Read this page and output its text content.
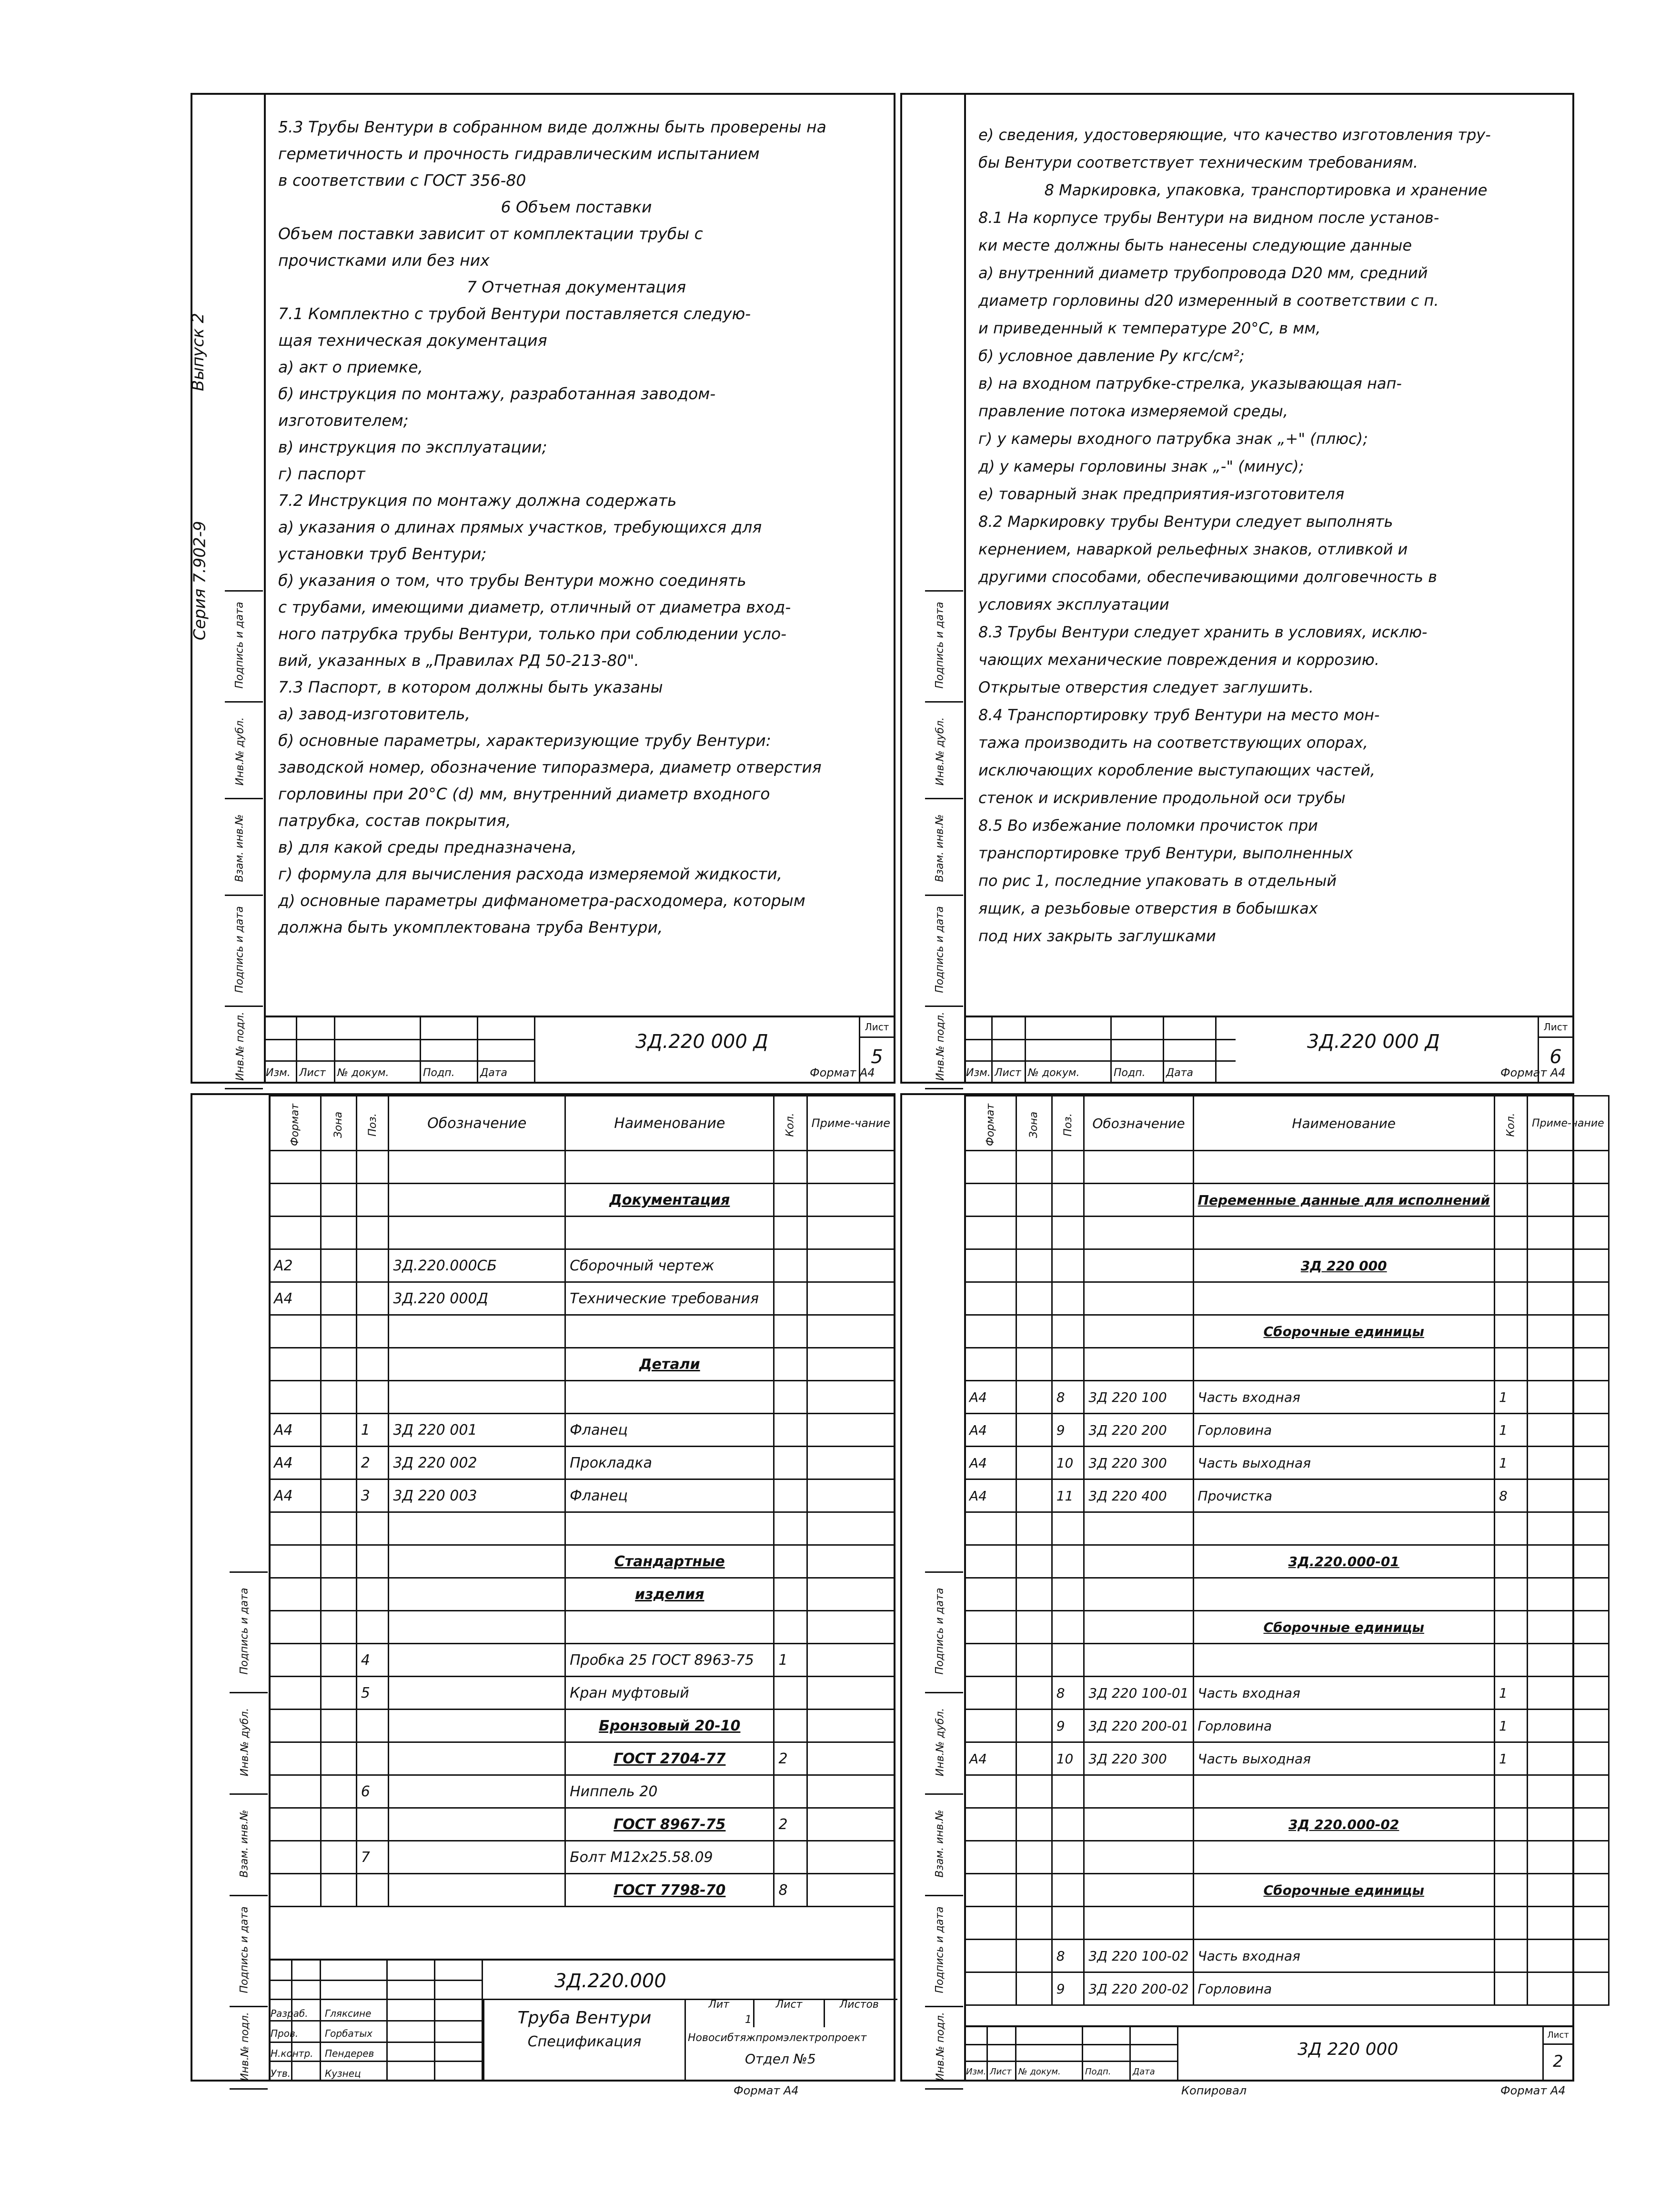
Выпуск 2
Серия 7.902-9
Подпись и дата
Инв.№ дубл.
Взам. инв.№
Подпись и дата
Инв.№ подл.

5.3 Трубы Вентури в собранном виде должны быть проверены на

герметичность и прочность гидравлическим испытанием

в соответствии с ГОСТ 356-80

6 Объем поставки

Объем поставки зависит от комплектации трубы с

прочистками или без них

7 Отчетная документация

7.1 Комплектно с трубой Вентури поставляется следую-

щая техническая документация

а) акт о приемке,

б) инструкция по монтажу, разработанная заводом-

изготовителем;

в) инструкция по эксплуатации;

г) паспорт

7.2 Инструкция по монтажу должна содержать

а) указания о длинах прямых участков, требующихся для

установки труб Вентури;

б) указания о том, что трубы Вентури можно соединять

с трубами, имеющими диаметр, отличный от диаметра вход-

ного патрубка трубы Вентури, только при соблюдении усло-

вий, указанных в „Правилах РД 50-213-80".

7.3 Паспорт, в котором должны быть указаны

а) завод-изготовитель,

б) основные параметры, характеризующие трубу Вентури:

заводской номер, обозначение типоразмера, диаметр отверстия

горловины при 20°С (d) мм, внутренний диаметр входного

патрубка, состав покрытия,

в) для какой среды предназначена,

г) формула для вычисления расхода измеряемой жидкости,

д) основные параметры дифманометра-расходомера, которым

должна быть укомплектована труба Вентури,

Изм. Лист № докум.	Подп. Дата
3Д.220 000 Д
Лист
5
Формат А4
Подпись и дата
Инв.№ дубл.
Взам. инв.№
Подпись и дата
Инв.№ подл.

е) сведения, удостоверяющие, что качество изготовления тру-

бы Вентури соответствует техническим требованиям.

8 Маркировка, упаковка, транспортировка и хранение

8.1 На корпусе трубы Вентури на видном после установ-

ки месте должны быть нанесены следующие данные

а) внутренний диаметр трубопровода D20 мм, средний

диаметр горловины d20 измеренный в соответствии с п.

и приведенный к температуре 20°С, в мм,

б) условное давление Ру кгс/см²;

в) на входном патрубке-стрелка, указывающая нап-

правление потока измеряемой среды,

г) у камеры входного патрубка знак „+" (плюс);

д) у камеры горловины знак „-" (минус);

е) товарный знак предприятия-изготовителя

8.2 Маркировку трубы Вентури следует выполнять

кернением, наваркой рельефных знаков, отливкой и

другими способами, обеспечивающими долговечность в

условиях эксплуатации

8.3 Трубы Вентури следует хранить в условиях, исклю-

чающих механические повреждения и коррозию.

Открытые отверстия следует заглушить.

8.4 Транспортировку труб Вентури на место мон-

тажа производить на соответствующих опорах,

исключающих коробление выступающих частей,

стенок и искривление продольной оси трубы

8.5 Во избежание поломки прочисток при

транспортировке труб Вентури, выполненных

по рис 1, последние упаковать в отдельный

ящик, а резьбовые отверстия в бобышках

под них закрыть заглушками

Изм. Лист № докум.	Подп. Дата
3Д.220 000 Д
Лист
6
Формат А4
Подпись и дата
Инв.№ дубл.
Взам. инв.№
Подпись и дата
Инв.№ подл.
Формат	Зона	Поз.	Обозначение	Наименование	Кол.	Приме-чание

				Документация		

А2			3Д.220.000СБ	Сборочный чертеж		
А4			3Д.220 000Д	Технические требования		

				Детали		

А4		1	3Д 220 001	Фланец		
А4		2	3Д 220 002	Прокладка		
А4		3	3Д 220 003	Фланец		

				Стандартные		
				изделия		

		4		Пробка 25 ГОСТ 8963-75	1	
		5		Кран муфтовый		
				Бронзовый 20-10		
				ГОСТ 2704-77	2	
		6		Ниппель 20		
				ГОСТ 8967-75	2	
		7		Болт М12х25.58.09		
				ГОСТ 7798-70	8	
Разраб.
Пров.
Н.контр.
Утв.
Гляксине
Горбатых
Пендерев
Кузнец
3Д.220.000
Труба Вентури
Спецификация
Лит	Лист	Листов
1
Новосибтяжпромэлектропроект
Отдел №5
Формат А4
Подпись и дата
Инв.№ дубл.
Взам. инв.№
Подпись и дата
Инв.№ подл.
Формат	Зона	Поз.	Обозначение	Наименование	Кол.	Приме-чание

				Переменные данные для исполнений		

				3Д 220 000		

				Сборочные единицы		

А4		8	3Д 220 100	Часть входная	1	
А4		9	3Д 220 200	Горловина	1	
А4		10	3Д 220 300	Часть выходная	1	
А4		11	3Д 220 400	Прочистка	8	

				3Д.220.000-01		

				Сборочные единицы		

		8	3Д 220 100-01	Часть входная	1	
		9	3Д 220 200-01	Горловина	1	
А4		10	3Д 220 300	Часть выходная	1	

				3Д 220.000-02		

				Сборочные единицы		

		8	3Д 220 100-02	Часть входная		
		9	3Д 220 200-02	Горловина		
Изм. Лист № докум.	Подп.	Дата
3Д 220 000
Лист
2
Копировал	Формат А4
